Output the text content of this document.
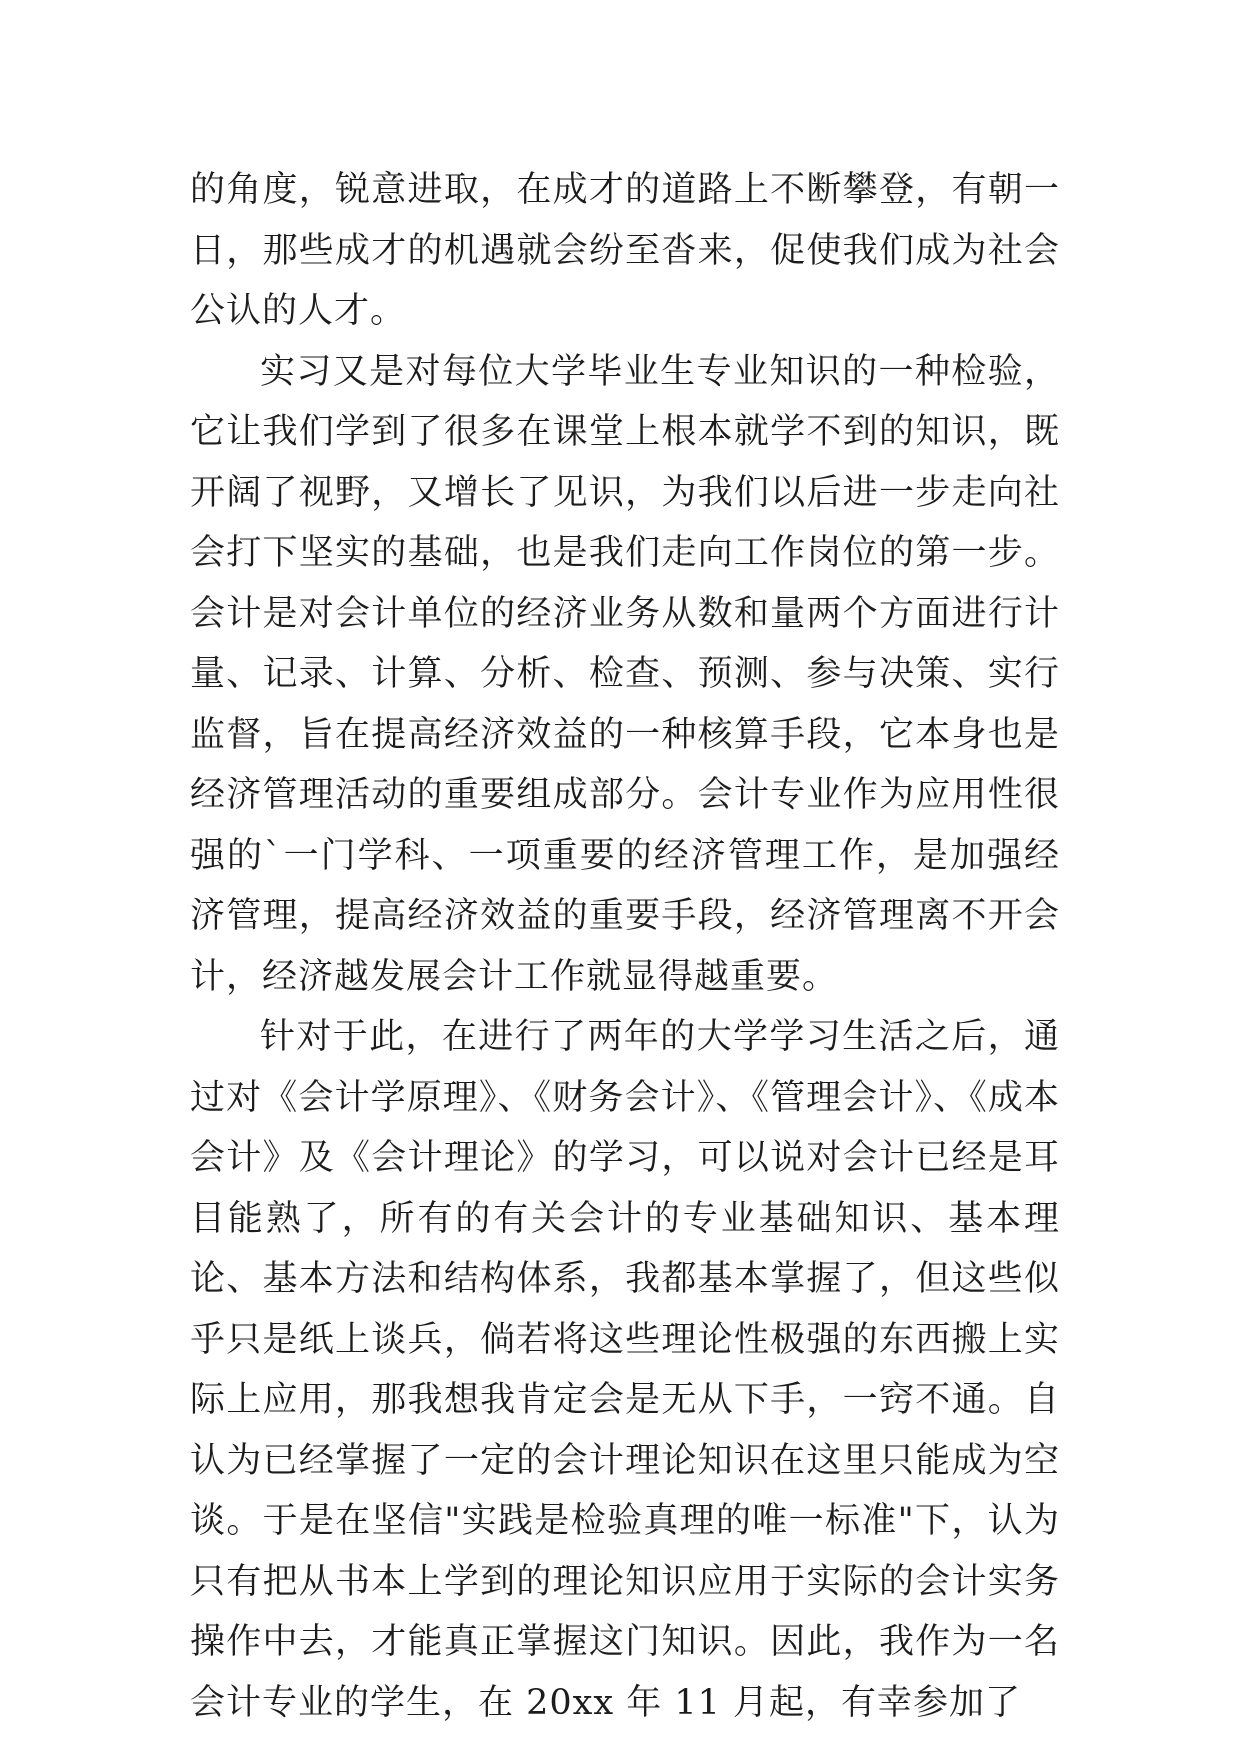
的角度，锐意进取，在成才的道路上不断攀登，有朝一日，那些成才的机遇就会纷至沓来，促使我们成为社会公认的人才。

实习又是对每位大学毕业生专业知识的一种检验，它让我们学到了很多在课堂上根本就学不到的知识，既开阔了视野，又增长了见识，为我们以后进一步走向社会打下坚实的基础，也是我们走向工作岗位的第一步。会计是对会计单位的经济业务从数和量两个方面进行计量、记录、计算、分析、检查、预测、参与决策、实行监督，旨在提高经济效益的一种核算手段，它本身也是经济管理活动的重要组成部分。会计专业作为应用性很强的`一门学科、一项重要的经济管理工作，是加强经济管理，提高经济效益的重要手段，经济管理离不开会计，经济越发展会计工作就显得越重要。

针对于此，在进行了两年的大学学习生活之后，通过对《会计学原理》、《财务会计》、《管理会计》、《成本会计》及《会计理论》的学习，可以说对会计已经是耳目能熟了，所有的有关会计的专业基础知识、基本理论、基本方法和结构体系，我都基本掌握了，但这些似乎只是纸上谈兵，倘若将这些理论性极强的东西搬上实际上应用，那我想我肯定会是无从下手，一窍不通。自认为已经掌握了一定的会计理论知识在这里只能成为空谈。于是在坚信"实践是检验真理的唯一标准"下，认为只有把从书本上学到的理论知识应用于实际的会计实务操作中去，才能真正掌握这门知识。因此，我作为一名会计专业的学生，在 20xx 年 11 月起，有幸参加了
